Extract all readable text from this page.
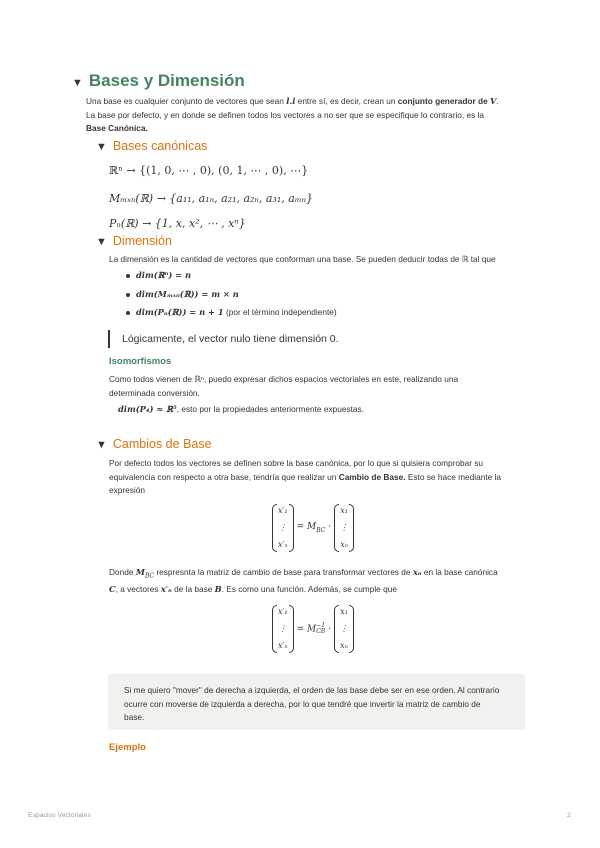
▼ Bases y Dimensión
Una base es cualquier conjunto de vectores que sean l.i entre sí, es decir, crean un conjunto generador de V.
La base por defecto, y en donde se definen todos los vectores a no ser que se especifique lo contrario, es la
Base Canónica.
▼ Bases canónicas
ℝⁿ → {(1, 0, ⋯ , 0), (0, 1, ⋯ , 0), ⋯}
Mₘₓₙ(ℝ) → {a₁₁, a₁ₙ, a₂₁, a₂ₙ, a₃₁, aₘₙ}
Pₙ(ℝ) → {1, x, x², ⋯ , xⁿ}
▼ Dimensión
La dimensión es la cantidad de vectores que conforman una base. Se pueden deducir todas de ℝ tal que
dim(ℝⁿ) = n
dim(Mₘₓₙ(ℝ)) = m × n
dim(Pₙ(ℝ)) = n + 1 (por el término independiente)
Lógicamente, el vector nulo tiene dimensión 0.
Isomorfismos
Como todos vienen de ℝⁿ, puedo expresar dichos espacios vectoriales en este, realizando una
determinada conversión.
dim(P₄) ≈ ℝ⁵, esto por la propiedades anteriormente expuestas.
▼ Cambios de Base
Por defecto todos los vectores se definen sobre la base canónica, por lo que si quisiera comprobar su
equivalencia con respecto a otra base, tendría que realizar un Cambio de Base. Esto se hace mediante la
expresión
x′₁
⋮
x′ₙ
= $M_{BC}$ ·
x₁
⋮
xₙ
Donde $M_{BC}$ respresnta la matriz de cambio de base para transformar vectores de xₙ en la base canónica
C, a vectores x′ₙ de la base B. Es como una función. Además, se cumple que
x′₁
⋮
x′ₙ
= M −1
CB ·
x₁
⋮
xₙ
Si me quiero "mover" de derecha a izquierda, el orden de las base debe ser en ese orden. Al contrario
ocurre con moverse de izquierda a derecha, por lo que tendré que invertir la matriz de cambio de
base.
Ejemplo
Espacios Vectoriales	2
